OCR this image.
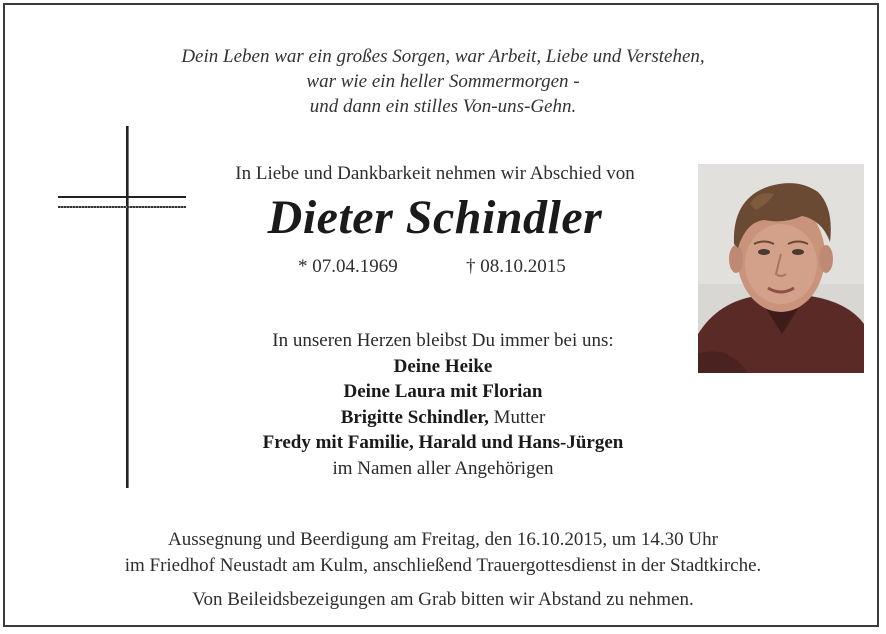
Dein Leben war ein großes Sorgen, war Arbeit, Liebe und Verstehen,
war wie ein heller Sommermorgen -
und dann ein stilles Von-uns-Gehn.
In Liebe und Dankbarkeit nehmen wir Abschied von
Dieter Schindler
* 07.04.1969	† 08.10.2015
In unseren Herzen bleibst Du immer bei uns:
Deine Heike
Deine Laura mit Florian
Brigitte Schindler, Mutter
Fredy mit Familie, Harald und Hans-Jürgen
im Namen aller Angehörigen
Aussegnung und Beerdigung am Freitag, den 16.10.2015, um 14.30 Uhr
im Friedhof Neustadt am Kulm, anschließend Trauergottesdienst in der Stadtkirche.
Von Beileidsbezeigungen am Grab bitten wir Abstand zu nehmen.
